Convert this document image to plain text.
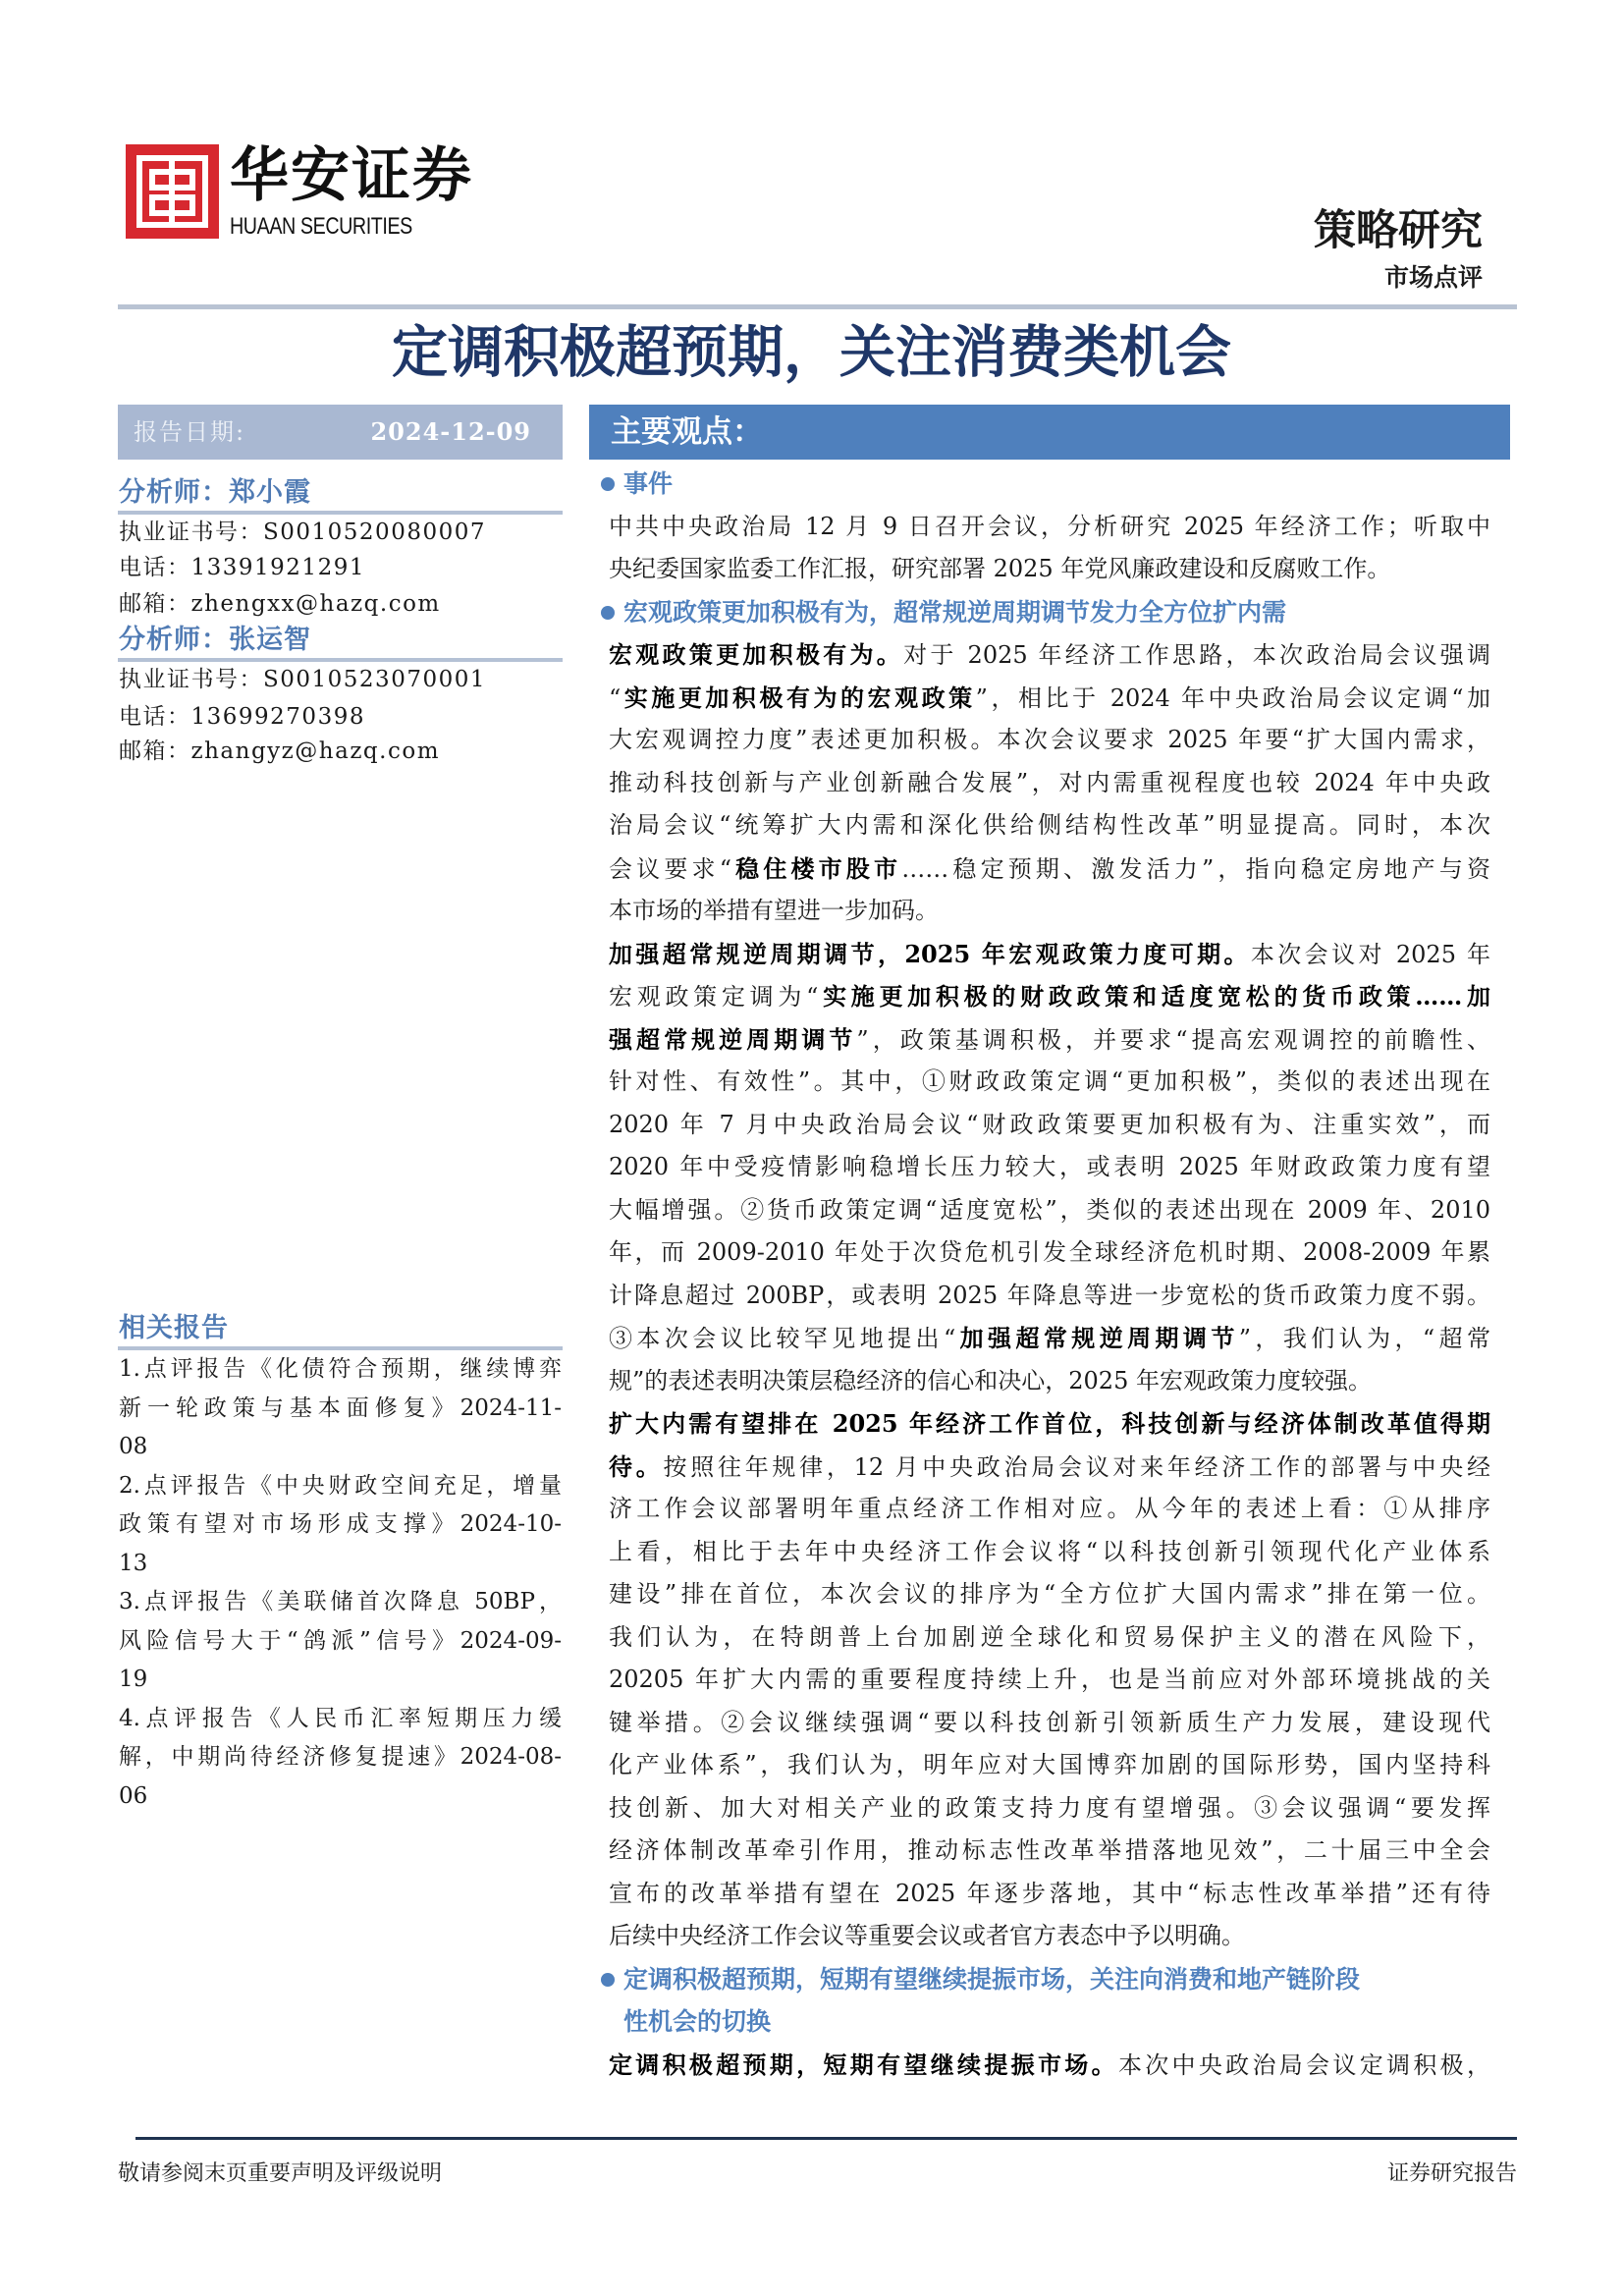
华安证券
HUAAN SECURITIES	策略研究
市场点评
定调积极超预期，关注消费类机会
报告日期:	2024-12-09
分析师：郑小霞
执业证书号：S0010520080007
电话：13391921291
邮箱：zhengxx@hazq.com
分析师：张运智
执业证书号：S0010523070001
电话：13699270398
邮箱：zhangyz@hazq.com
相关报告
1.点评报告《化债符合预期，继续博弈
新一轮政策与基本面修复》2024-11-
08
2.点评报告《中央财政空间充足，增量
政策有望对市场形成支撑》2024-10-
13
3.点评报告《美联储首次降息 50BP，
风险信号大于“鸽派”信号》2024-09-
19
4.点评报告《人民币汇率短期压力缓
解，中期尚待经济修复提速》2024-08-
06
主要观点：
事件
中共中央政治局 12 月 9 日召开会议，分析研究 2025 年经济工作；听取中
央纪委国家监委工作汇报，研究部署 2025 年党风廉政建设和反腐败工作。
宏观政策更加积极有为，超常规逆周期调节发力全方位扩内需
宏观政策更加积极有为。对于 2025 年经济工作思路，本次政治局会议强调
“实施更加积极有为的宏观政策”，相比于 2024 年中央政治局会议定调“加
大宏观调控力度”表述更加积极。本次会议要求 2025 年要“扩大国内需求，
推动科技创新与产业创新融合发展”，对内需重视程度也较 2024 年中央政
治局会议“统筹扩大内需和深化供给侧结构性改革”明显提高。同时，本次
会议要求“稳住楼市股市……稳定预期、激发活力”，指向稳定房地产与资
本市场的举措有望进一步加码。
加强超常规逆周期调节，2025 年宏观政策力度可期。本次会议对 2025 年
宏观政策定调为“实施更加积极的财政政策和适度宽松的货币政策……加
强超常规逆周期调节”，政策基调积极，并要求“提高宏观调控的前瞻性、
针对性、有效性”。其中，①财政政策定调“更加积极”，类似的表述出现在
2020 年 7 月中央政治局会议“财政政策要更加积极有为、注重实效”，而
2020 年中受疫情影响稳增长压力较大，或表明 2025 年财政政策力度有望
大幅增强。②货币政策定调“适度宽松”，类似的表述出现在 2009 年、2010
年，而 2009-2010 年处于次贷危机引发全球经济危机时期、2008-2009 年累
计降息超过 200BP，或表明 2025 年降息等进一步宽松的货币政策力度不弱。
③本次会议比较罕见地提出“加强超常规逆周期调节”，我们认为，“超常
规”的表述表明决策层稳经济的信心和决心，2025 年宏观政策力度较强。
扩大内需有望排在 2025 年经济工作首位，科技创新与经济体制改革值得期
待。按照往年规律，12 月中央政治局会议对来年经济工作的部署与中央经
济工作会议部署明年重点经济工作相对应。从今年的表述上看：①从排序
上看，相比于去年中央经济工作会议将“以科技创新引领现代化产业体系
建设”排在首位，本次会议的排序为“全方位扩大国内需求”排在第一位。
我们认为，在特朗普上台加剧逆全球化和贸易保护主义的潜在风险下，
20205 年扩大内需的重要程度持续上升，也是当前应对外部环境挑战的关
键举措。②会议继续强调“要以科技创新引领新质生产力发展，建设现代
化产业体系”，我们认为，明年应对大国博弈加剧的国际形势，国内坚持科
技创新、加大对相关产业的政策支持力度有望增强。③会议强调“要发挥
经济体制改革牵引作用，推动标志性改革举措落地见效”，二十届三中全会
宣布的改革举措有望在 2025 年逐步落地，其中“标志性改革举措”还有待
后续中央经济工作会议等重要会议或者官方表态中予以明确。
定调积极超预期，短期有望继续提振市场，关注向消费和地产链阶段
性机会的切换
定调积极超预期，短期有望继续提振市场。本次中央政治局会议定调积极，
敬请参阅末页重要声明及评级说明	证券研究报告
